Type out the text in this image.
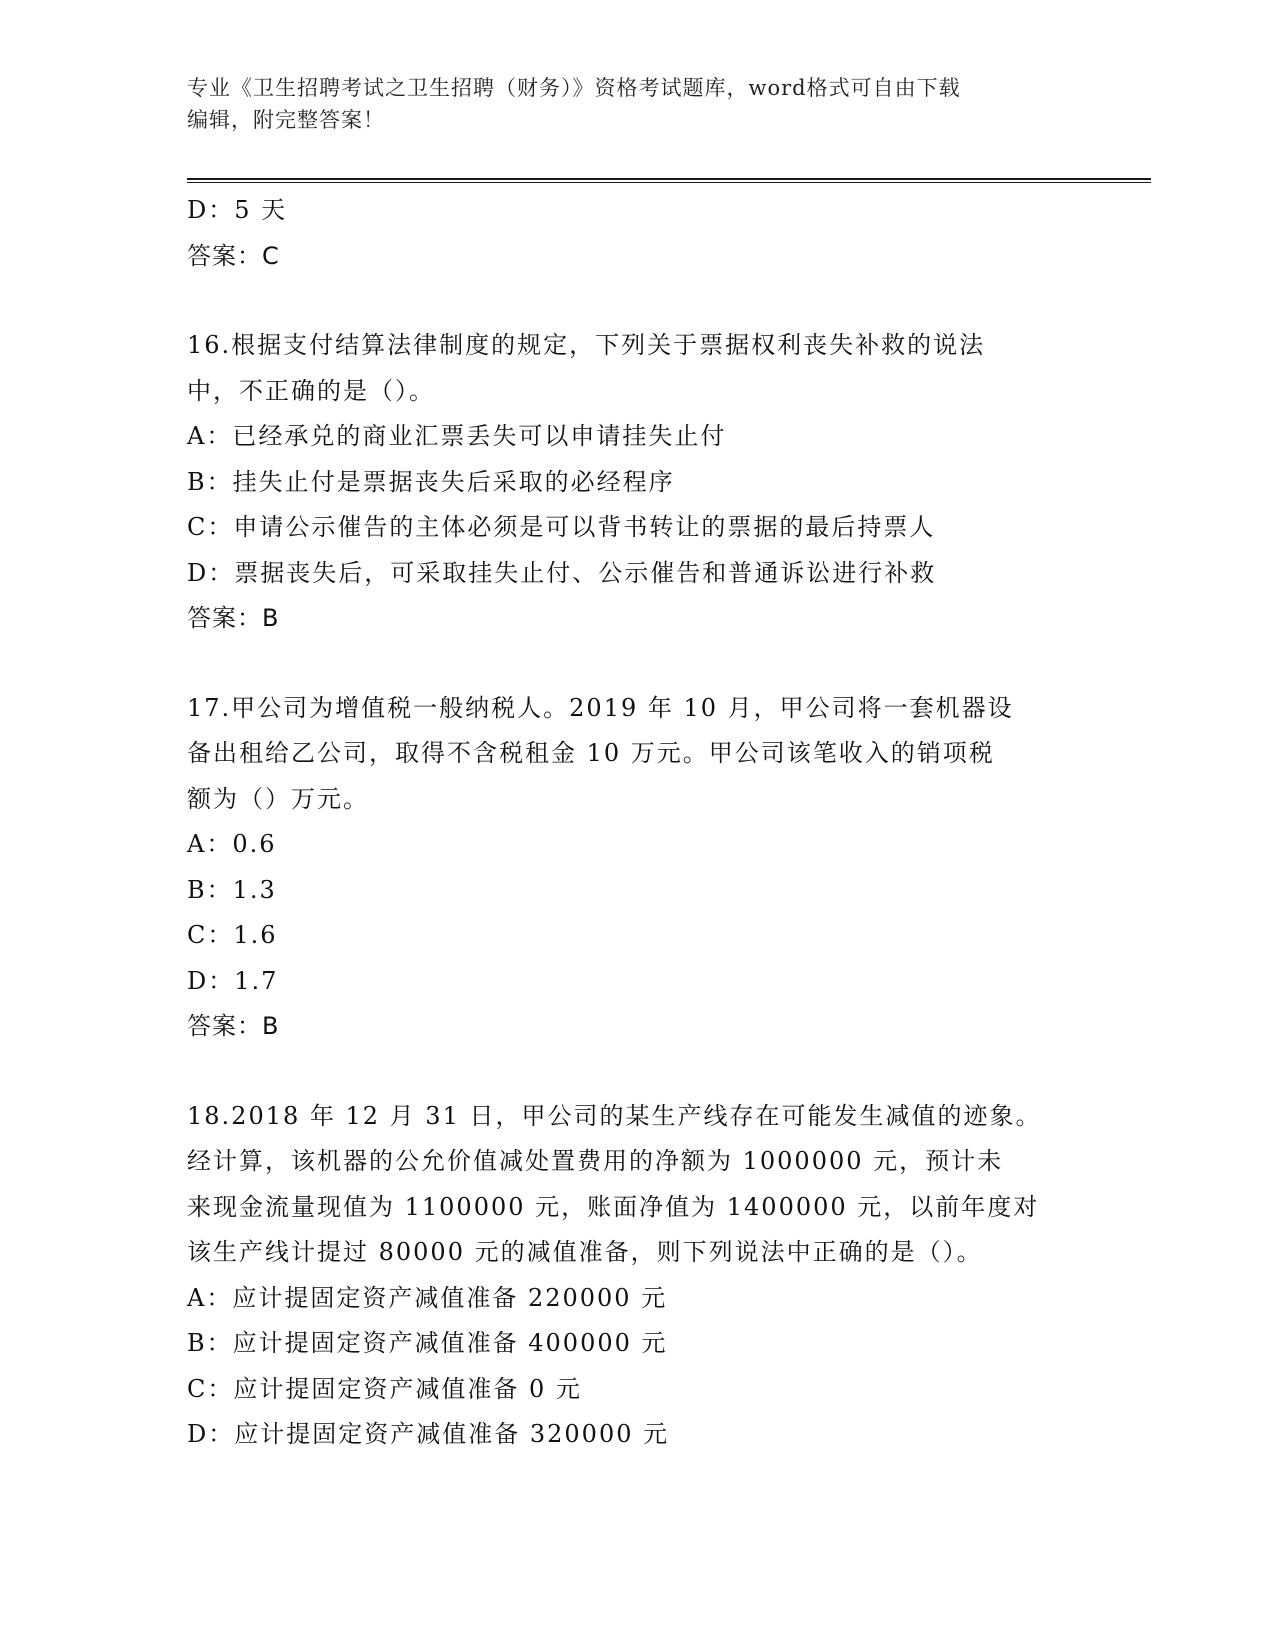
专业《卫生招聘考试之卫生招聘（财务）》资格考试题库，word格式可自由下载
编辑，附完整答案！
D：5 天
答案：C
16.根据支付结算法律制度的规定，下列关于票据权利丧失补救的说法
中，不正确的是（）。
A：已经承兑的商业汇票丢失可以申请挂失止付
B：挂失止付是票据丧失后采取的必经程序
C：申请公示催告的主体必须是可以背书转让的票据的最后持票人
D：票据丧失后，可采取挂失止付、公示催告和普通诉讼进行补救
答案：B
17.甲公司为增值税一般纳税人。2019 年 10 月，甲公司将一套机器设
备出租给乙公司，取得不含税租金 10 万元。甲公司该笔收入的销项税
额为（）万元。
A：0.6
B：1.3
C：1.6
D：1.7
答案：B
18.2018 年 12 月 31 日，甲公司的某生产线存在可能发生减值的迹象。
经计算，该机器的公允价值减处置费用的净额为 1000000 元，预计未
来现金流量现值为 1100000 元，账面净值为 1400000 元，以前年度对
该生产线计提过 80000 元的减值准备，则下列说法中正确的是（）。
A：应计提固定资产减值准备 220000 元
B：应计提固定资产减值准备 400000 元
C：应计提固定资产减值准备 0 元
D：应计提固定资产减值准备 320000 元
